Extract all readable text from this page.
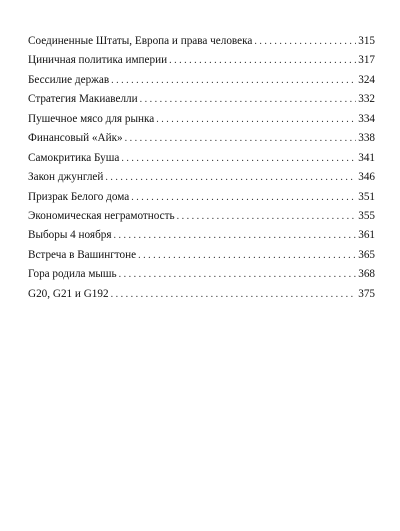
Соединенные Штаты, Европа и права человека . . .	315
Циничная политика империи . . .	317
Бессилие держав . . .	324
Стратегия Макиавелли . . .	332
Пушечное мясо для рынка . . .	334
Финансовый «Айк» . . .	338
Самокритика Буша . . .	341
Закон джунглей . . .	346
Призрак Белого дома . . .	351
Экономическая неграмотность . . .	355
Выборы 4 ноября . . .	361
Встреча в Вашингтоне . . .	365
Гора родила мышь . . .	368
G20, G21 и G192 . . .	375
